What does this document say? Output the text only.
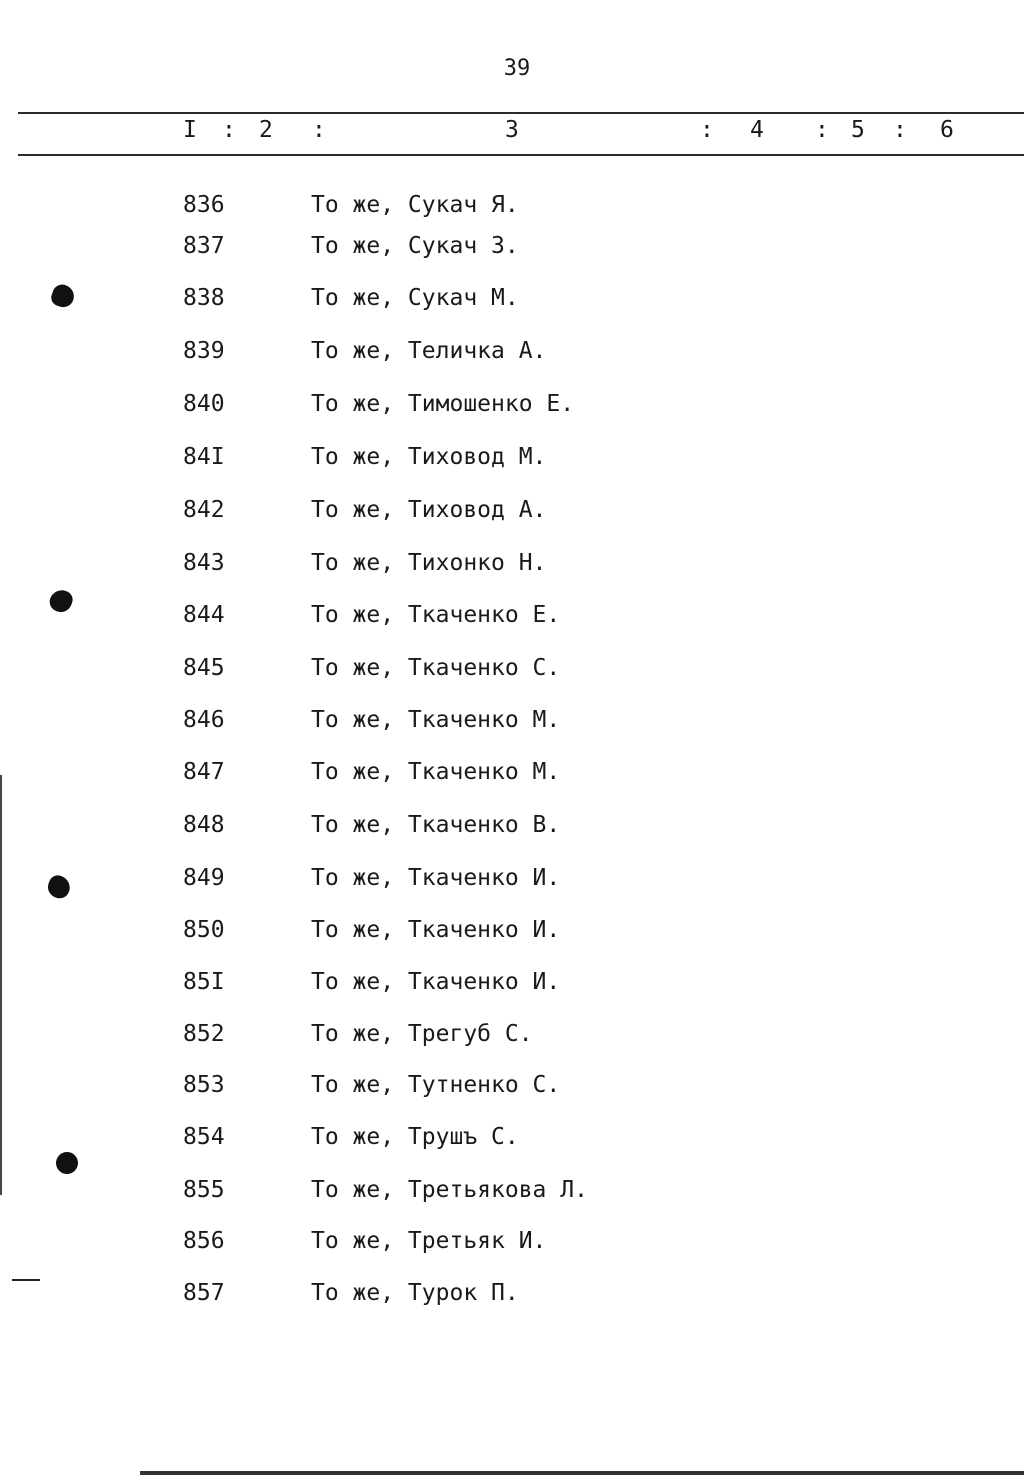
39
I : 2 :	3	: 4 : 5 : 6
836	То же, Сукач Я.
837	То же, Сукач З.
838	То же, Сукач М.
839	То же, Теличка А.
840	То же, Тимошенко Е.
84I	То же, Тиховод М.
842	То же, Тиховод А.
843	То же, Тихонко Н.
844	То же, Ткаченко Е.
845	То же, Ткаченко С.
846	То же, Ткаченко М.
847	То же, Ткаченко М.
848	То же, Ткаченко В.
849	То же, Ткаченко И.
850	То же, Ткаченко И.
85I	То же, Ткаченко И.
852	То же, Трегуб С.
853	То же, Тутненко С.
854	То же, Трушъ С.
855	То же, Третьякова Л.
856	То же, Третьяк И.
857	То же, Турок П.
